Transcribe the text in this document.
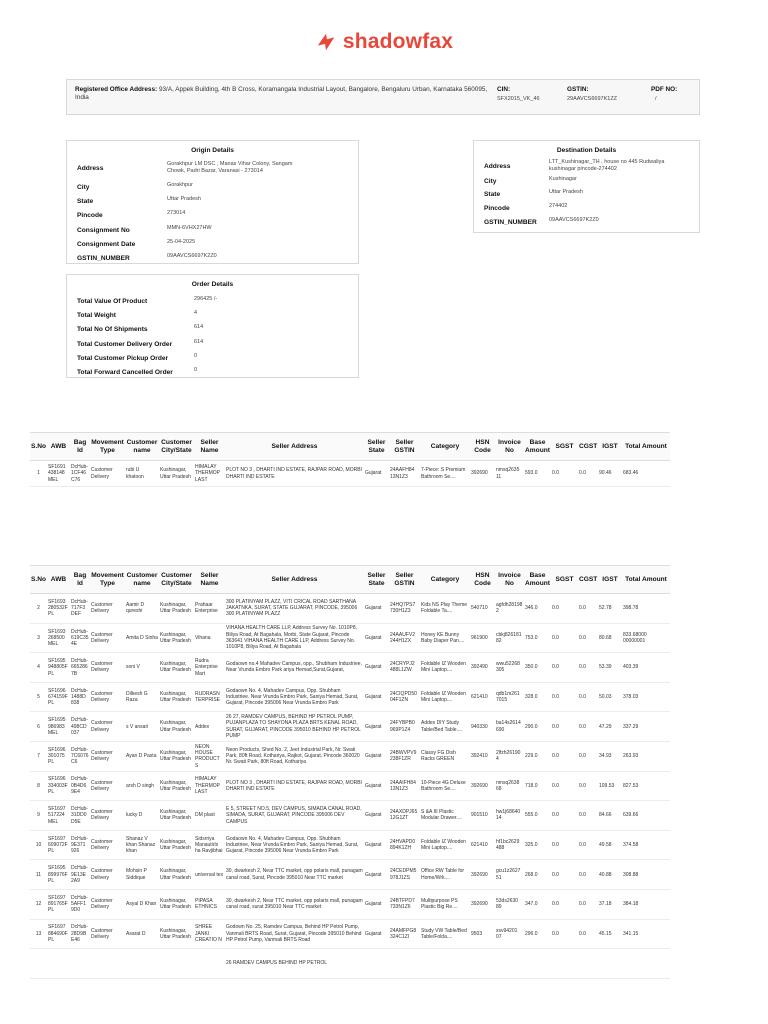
shadowfax
Registered Office Address: 93/A, Appek Building, 4th B Cross, Koramangala Industrial Layout, Bangalore, Bengaluru Urban, Karnataka 560095, India
CIN:
SFX2015_VK_46
GSTIN:
29AAVCS6697K1ZZ
PDF NO:
/
Origin Details
Address
Gorakhpur LM DSC , Manas Vihar Colony, Sangam Chowk, Padri Bazar, Varanasi - 273014
City	Gorakhpur
State	Uttar Pradesh
Pincode	273014
Consignment No	MMN-6VHX27HW
Consignment Date	25-04-2025
GSTIN_NUMBER	09AAVCS6697K2Z0
Destination Details
Address
LTT_Kushinagar_TH , house no 445 Rudwaliya kushinagar pincode-274402
City	Kushinagar
State	Uttar Pradesh
Pincode	274402
GSTIN_NUMBER 09AAVCS6697K2Z0
Order Details
Total Value Of Product	296425 /-
Total Weight	4
Total No Of Shipments	614
Total Customer Delivery Order	614
Total Customer Pickup Order	0
Total Forward Cancelled Order	0
S.No	AWB	Bag Id	Movement Type	Customer name	Customer City/State	Seller Name	Seller Address	Seller State	Seller GSTIN	Category	HSN Code	Invoice No	Base Amount	SGST	CGST	IGST	Total Amount
1	SF1691 438148 MEL	DcHub-1CF46 C76	Customer Delivery	rubi U khatoon	Kushinagar, Uttar Pradesh	HIMALAY THERMOP LAST	PLOT NO 3 , DHARTI IND ESTATE, RAJPAR ROAD, MORBI DHARTI IND ESTATE	Gujarat	24AAFH84 13N1Z3	7-Piece: S Premium Bathroom Se....	392690	nmsq2635 11	593.0	0.0	0.0	90.46	683.46
S.No	AWB	Bag Id	Movement Type	Customer name	Customer City/State	Seller Name	Seller Address	Seller State	Seller GSTIN	Category	HSN Code	Invoice No	Base Amount	SGST	CGST	IGST	Total Amount
2	SF1693 280532F PL	DcHub-717F3 DEF	Customer Delivery	Aamir D qureshi	Kushinagar, Uttar Pradesh	Prahaar Enterprise	300 PLATINYAM PLAZZ, VITI CRICAL ROAD SARTHANA JAKATNKA, SURAT, STATE GUJARAT, PINCODE, 395006 300 PLATINYAM PLAZZ	Gujarat	24HQ7PS7 730H1Z3	Kids NS Play Theme Foldable Ta....	540710	agfdh28198 2	346.0	0.0	0.0	52.78	398.78
3	SF1693 268500 MEL	DcHub-619C35 4E	Customer Delivery	Amita D Sinha	Kushinagar, Uttar Pradesh	Vihana	VIHANA HEALTH CARE LLP, Address Survey No. 1010P8, Biliya Road, At Bagahala, Morbi, State Gujarat, Pincode 363641 VIHANA HEALTH CARE LLP, Address Survey No. 1010P8, Biliya Road, At Bagahala	Gujarat	24AAUFV2 244H1ZX	Honey KE Bunny Baby Diaper Pan....	961900	cbkj826181 82	753.0	0.0	0.0	80.68	833.68000 00000001
4	SF1695 948805F PL	DcHub-665286 7B	Customer Delivery	soni V	Kushinagar, Uttar Pradesh	Rudra Enterprise Mart	Godaown no.4 Mahadev Campus, opp., Shubham Industriee, Near Vrunda Embro Park ariya Hemad,Surat,Gujarat,	Gujarat	24CRYPJ2 488L1ZW	Foldable IZ Wooden Mini Laptop....	392490	wwu52268 305	350.0	0.0	0.0	53.39	403.39
5	SF1696 674159F PL	DcHub-1488D 838	Customer Delivery	Dilkesh G Raza	Kushinagar, Uttar Pradesh	RUDRASN TERPRISE	Godaown No. 4, Mahadev Campus, Opp. Shubham Industriee. Near Vrunda Embro Park, Saniya Hemad, Surat, Gujarat, Pincode 395006 Near Vrunda Embro Park	Gujarat	24CIQPD50 04F1ZN	Foldable IZ Wooden Mini Laptop....	621410	qdb1m261 7015	328.0	0.0	0.0	50.03	378.03
6	SF1695 986983 MEL	DcHub-498CD 037	Customer Delivery	s V ansari	Kushinagar, Uttar Pradesh	Addex	26 27, RAMDEV CAMPUS, BEHIND HP PETROL PUMP, PUJANPLAZA TO SHAYONA PLAZA BRTS KENAL ROAD, SURAT, GUJARAT, PINCODE 395010 BEHIND HP PETROL PUMP	Gujarat	24FYBPB0 969P1Z4	Addex DIY Study Table/Bed Table....	940330	ba14s2614 690	290.0	0.0	0.0	47.29	337.29
7	SF1696 301075 PL	DcHub-7C6076 C6	Customer Delivery	Ayan D Pasta	Kushinagar, Uttar Pradesh	NEON HOUSE PRODUCT S	Neon Products, Shed No. 2, Jeet Industrial Park, Nr. Swati Park, 80ft Road, Kothariya, Rajkot, Gujarat, Pincode 360020 Nr. Swati Park, 80ft Road, Kothariya	Gujarat	24BWVPV9 238F1ZR	Classy FG Dish Racks GREEN	392410	2lfzh26190 4	229.0	0.0	0.0	34.93	263.93
8	SF1696 334003F PL	DcHub-0B4D6 9E4	Customer Delivery	arsh D singh	Kushinagar, Uttar Pradesh	HIMALAY THERMOP LAST	PLOT NO 3 , DHARTI IND ESTATE, RAJPAR ROAD, MORBI DHARTI IND ESTATE	Gujarat	24AAIFH84 13N1Z3	10-Piece 4G Deluxe Bathroom Se....	392690	nmsq2638 68	718.0	0.0	0.0	109.53	827.53
9	SF1697 517224 MEL	DcHub-31DD0 D5E	Customer Delivery	lucky D	Kushinagar, Uttar Pradesh	DM plast	E 5, STREET NO.5, DEV CAMPUS, SIMADA CANAL ROAD, SIMADA, SURAT, GUJARAT, PINCODE 395006 DEV CAMPUS	Gujarat	24AXDPJ65 12G1ZT	S &A III Plastic Modular Drawer....	901510	hw1j68640 14	555.0	0.0	0.0	84.66	639.66
10	SF1697 609072F PL	DcHub-9E371 926	Customer Delivery	Shanaz V khan Shanaz khan	Kushinagar, Uttar Pradesh	Sidsrriya Manautirls ha Ravjibhai	Godaown No. 4, Mahadev Campus, Opp. Shubham Industriee, Near Vrunda Embro Park, Saniya Hemad, Surat, Gujarat, Pincode 395006 Near Vrunda Embro Park	Gujarat	24HVAPD0 894K1ZH	Foldable IZ Wooden Mini Laptop....	621410	hf1bc2629 488	325.0	0.0	0.0	49.58	374.58
11	SF1695 899976F PL	DcHub-9E13E 2A9	Customer Delivery	Mohsin P Siddique	Kushinagar, Uttar Pradesh	universal tex	30, dwarkesh 2, Near TTC market, opp polaris mall, punagam canal road, Surat, Pincode 395010 Near TTC market	Gujarat	24CEDPM5 978J1ZS	Office RW Table for Home/Wrk....	392690	gcu1z2627 51	268.0	0.0	0.0	40.88	308.88
12	SF1697 891765F PL	DcHub-5AFF1 9D0	Customer Delivery	Asyal D Khan	Kushinagar, Uttar Pradesh	PIPASA ETHNICS	30, dwarkesh 2, Near TTC market, opp polaris mall, punagam canal road, surat 395010 Near TTC market	Gujarat	24BTFPD7 733N1Z6	Multipurpose PS Plastic Big Re....	392690	53ds2630 89	347.0	0.0	0.0	37.18	384.18
13	SF1697 884690F PL	DcHub-28D9B E46	Customer Delivery	Asarat D	Kushinagar, Uttar Pradesh	SHREE JANKI CREATIO N	Godown No. 25, Ramdev Campus, Behind HP Petrol Pump, Vanmali BRTS Road, Surat, Gujarat, Pincode 395010 Behind HP Petrol Pump, Vanmali BRTS Road	Gujarat	24AMFPG8 324C1ZI	Study VW Table/Bed Table/Folda....	9503	xsv94201 07	296.0	0.0	0.0	45.15	341.15
							26 RAMDEV CAMPUS BEHIND HP PETROL										
